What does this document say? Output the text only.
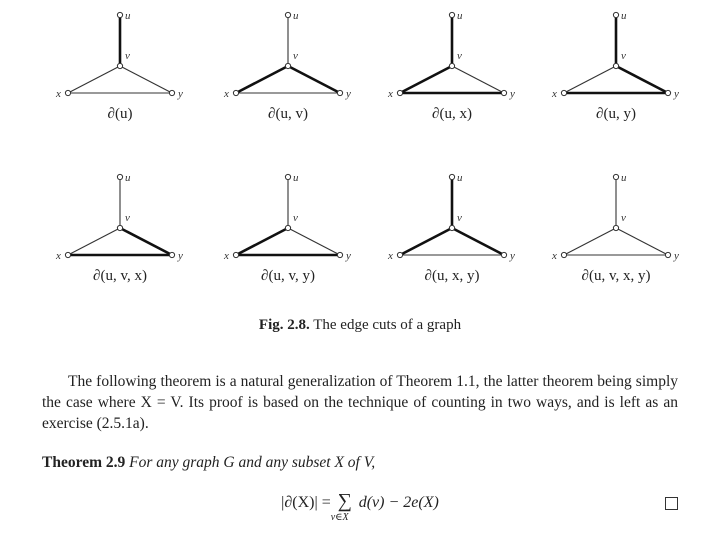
u
v
x	y
∂(u)
u
v
x	y
∂(u, v)
u
v
x	y
∂(u, x)
u
v
x	y
∂(u, y)
u
v
x	y
∂(u, v, x)
u
v
x	y
∂(u, v, y)
u
v
x	y
∂(u, x, y)
u
v
x	y
∂(u, v, x, y)
Fig. 2.8. The edge cuts of a graph
The following theorem is a natural generalization of Theorem 1.1, the latter theorem being simply the case where X = V. Its proof is based on the technique of counting in two ways, and is left as an exercise (2.5.1a).
Theorem 2.9 For any graph G and any subset X of V,
|∂(X)| = ∑
v∈X
d(v) − 2e(X)
